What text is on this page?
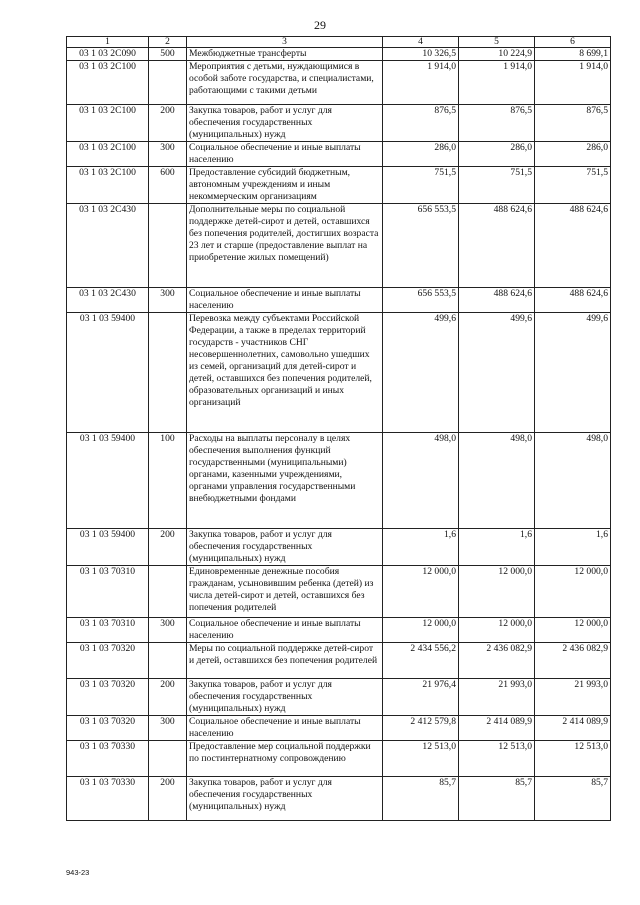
29
1	2	3	4	5	6
03 1 03 2С090	500	Межбюджетные трансферты	10 326,5	10 224,9	8 699,1
03 1 03 2С100		Мероприятия с детьми, нуждающимися в особой заботе государства, и специалистами, работающими с такими детьми	1 914,0	1 914,0	1 914,0
03 1 03 2С100	200	Закупка товаров, работ и услуг для обеспечения государственных (муниципальных) нужд	876,5	876,5	876,5
03 1 03 2С100	300	Социальное обеспечение и иные выплаты населению	286,0	286,0	286,0
03 1 03 2С100	600	Предоставление субсидий бюджетным, автономным учреждениям и иным некоммерческим организациям	751,5	751,5	751,5
03 1 03 2С430		Дополнительные меры по социальной поддержке детей-сирот и детей, оставшихся без попечения родителей, достигших возраста 23 лет и старше (предоставление выплат на приобретение жилых помещений)	656 553,5	488 624,6	488 624,6
03 1 03 2С430	300	Социальное обеспечение и иные выплаты населению	656 553,5	488 624,6	488 624,6
03 1 03 59400		Перевозка между субъектами Российской Федерации, а также в пределах территорий государств - участников СНГ несовершеннолетних, самовольно ушедших из семей, организаций для детей-сирот и детей, оставшихся без попечения родителей, образовательных организаций и иных организаций	499,6	499,6	499,6
03 1 03 59400	100	Расходы на выплаты персоналу в целях обеспечения выполнения функций государственными (муниципальными) органами, казенными учреждениями, органами управления государственными внебюджетными фондами	498,0	498,0	498,0
03 1 03 59400	200	Закупка товаров, работ и услуг для обеспечения государственных (муниципальных) нужд	1,6	1,6	1,6
03 1 03 70310		Единовременные денежные пособия гражданам, усыновившим ребенка (детей) из числа детей-сирот и детей, оставшихся без попечения родителей	12 000,0	12 000,0	12 000,0
03 1 03 70310	300	Социальное обеспечение и иные выплаты населению	12 000,0	12 000,0	12 000,0
03 1 03 70320		Меры по социальной поддержке детей-сирот и детей, оставшихся без попечения родителей	2 434 556,2	2 436 082,9	2 436 082,9
03 1 03 70320	200	Закупка товаров, работ и услуг для обеспечения государственных (муниципальных) нужд	21 976,4	21 993,0	21 993,0
03 1 03 70320	300	Социальное обеспечение и иные выплаты населению	2 412 579,8	2 414 089,9	2 414 089,9
03 1 03 70330		Предоставление мер социальной поддержки по постинтернатному сопровождению	12 513,0	12 513,0	12 513,0
03 1 03 70330	200	Закупка товаров, работ и услуг для обеспечения государственных (муниципальных) нужд	85,7	85,7	85,7
943-23
